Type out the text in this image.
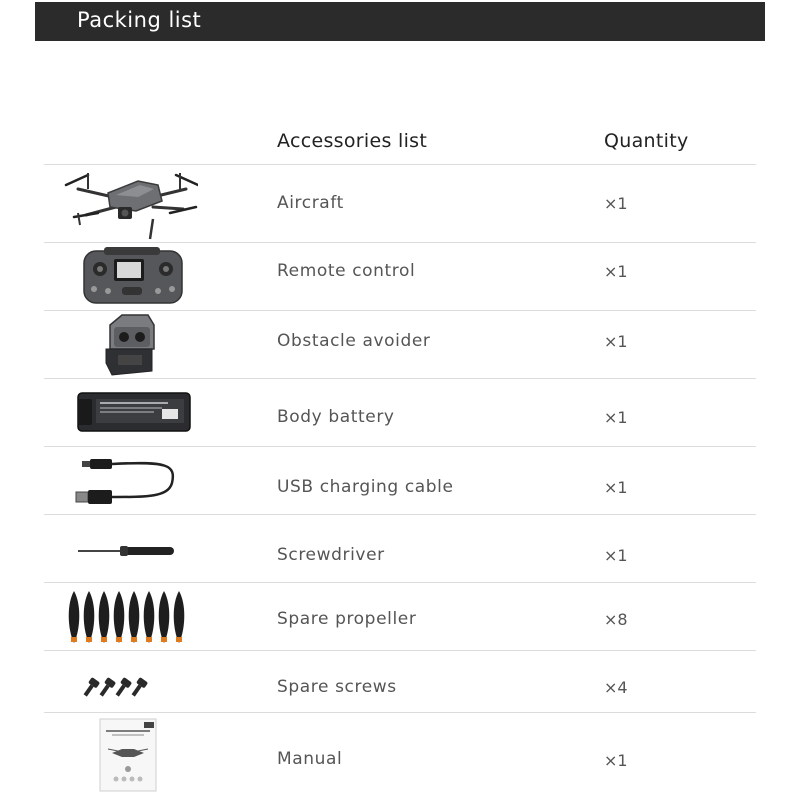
Packing list
Accessories list	Quantity
Aircraft	×1
Remote control	×1
Obstacle avoider	×1
Body battery	×1
USB charging cable	×1
Screwdriver	×1
Spare propeller	×8
Spare screws	×4
Manual	×1
